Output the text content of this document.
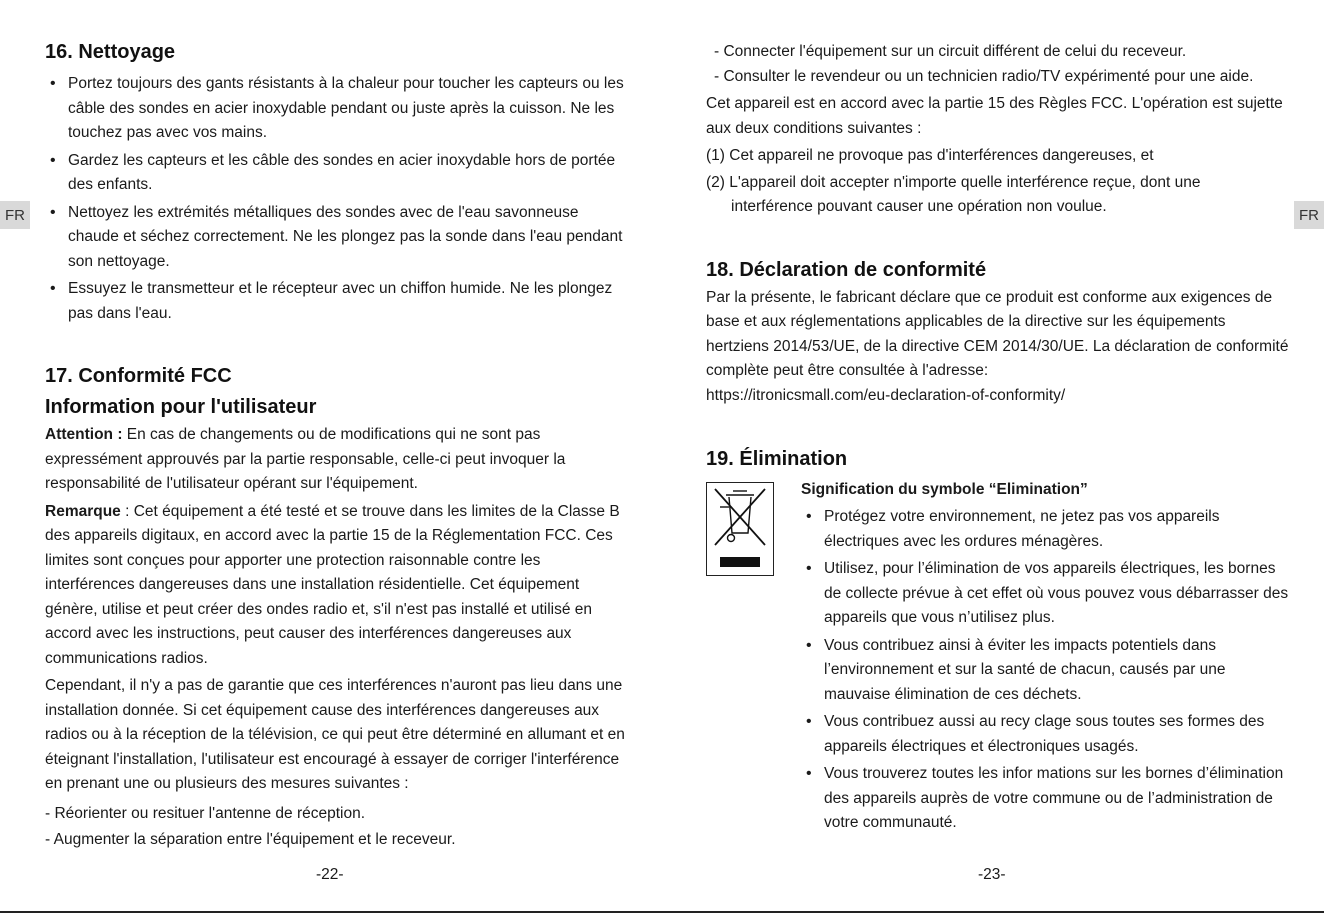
FR
16. Nettoyage
• Portez toujours des gants résistants à la chaleur pour toucher les capteurs ou les câble des sondes en acier inoxydable pendant ou juste après la cuisson. Ne les touchez pas avec vos mains.
• Gardez les capteurs et les câble des sondes en acier inoxydable hors de portée des enfants.
• Nettoyez les extrémités métalliques des sondes avec de l'eau savonneuse chaude et séchez correctement. Ne les plongez pas la sonde dans l'eau pendant son nettoyage.
• Essuyez le transmetteur et le récepteur avec un chiffon humide. Ne les plongez pas dans l'eau.
17. Conformité FCC
Information pour l'utilisateur

Attention : En cas de changements ou de modifications qui ne sont pas expressément approuvés par la partie responsable, celle-ci peut invoquer la responsabilité de l'utilisateur opérant sur l'équipement.

Remarque : Cet équipement a été testé et se trouve dans les limites de la Classe B des appareils digitaux, en accord avec la partie 15 de la Réglementation FCC. Ces limites sont conçues pour apporter une protection raisonnable contre les interférences dangereuses dans une installation résidentielle. Cet équipement génère, utilise et peut créer des ondes radio et, s'il n'est pas installé et utilisé en accord avec les instructions, peut causer des interférences dangereuses aux communications radios.

Cependant, il n'y a pas de garantie que ces interférences n'auront pas lieu dans une installation donnée. Si cet équipement cause des interférences dangereuses aux radios ou à la réception de la télévision, ce qui peut être déterminé en allumant et en éteignant l'installation, l'utilisateur est encouragé à essayer de corriger l'interférence en prenant une ou plusieurs des mesures suivantes :

- Réorienter ou resituer l'antenne de réception.
- Augmenter la séparation entre l'équipement et le receveur.
-22-
FR
- Connecter l'équipement sur un circuit différent de celui du receveur.
- Consulter le revendeur ou un technicien radio/TV expérimenté pour une aide.

Cet appareil est en accord avec la partie 15 des Règles FCC. L'opération est sujette aux deux conditions suivantes :

(1) Cet appareil ne provoque pas d'interférences dangereuses, et

(2) L'appareil doit accepter n'importe quelle interférence reçue, dont une

interférence pouvant causer une opération non voulue.

18. Déclaration de conformité

Par la présente, le fabricant déclare que ce produit est conforme aux exigences de base et aux réglementations applicables de la directive sur les équipements hertziens 2014/53/UE, de la directive CEM 2014/30/UE. La déclaration de conformité complète peut être consultée à l'adresse:

https://itronicsmall.com/eu-declaration-of-conformity/

19. Élimination
Signification du symbole “Elimination”
• Protégez votre environnement, ne jetez pas vos appareils électriques avec les ordures ménagères.
• Utilisez, pour l’élimination de vos appareils électriques, les bornes de collecte prévue à cet effet où vous pouvez vous débarrasser des appareils que vous n’utilisez plus.
• Vous contribuez ainsi à éviter les impacts potentiels dans l’environnement et sur la santé de chacun, causés par une mauvaise élimination de ces déchets.
• Vous contribuez aussi au recy clage sous toutes ses formes des appareils électriques et électroniques usagés.
• Vous trouverez toutes les infor mations sur les bornes d’élimination des appareils auprès de votre commune ou de l’administration de votre communauté.
-23-
